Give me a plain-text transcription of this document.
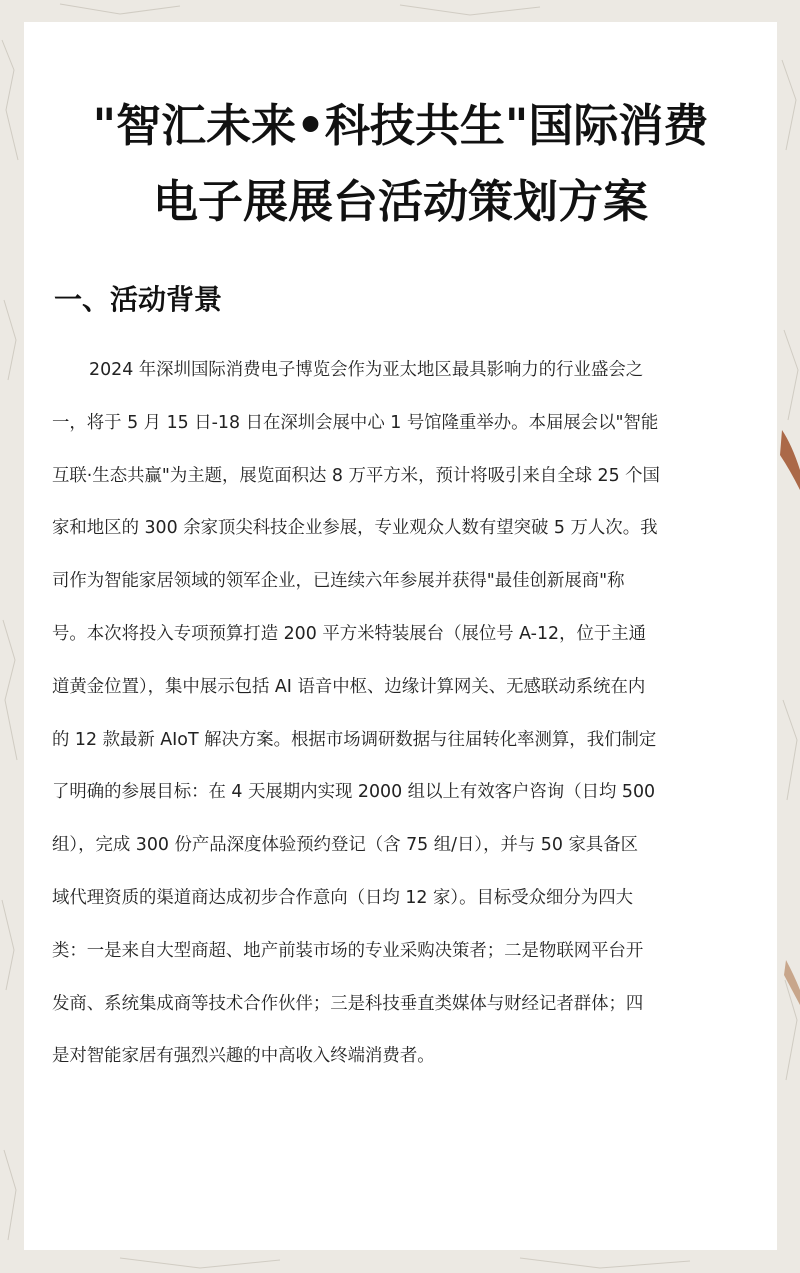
"智汇未来•科技共生"国际消费
电子展展台活动策划方案
一、活动背景
2024 年深圳国际消费电子博览会作为亚太地区最具影响力的行业盛会之
一，将于 5 月 15 日-18 日在深圳会展中心 1 号馆隆重举办。本届展会以"智能
互联·生态共赢"为主题，展览面积达 8 万平方米，预计将吸引来自全球 25 个国
家和地区的 300 余家顶尖科技企业参展，专业观众人数有望突破 5 万人次。我
司作为智能家居领域的领军企业，已连续六年参展并获得"最佳创新展商"称
号。本次将投入专项预算打造 200 平方米特装展台（展位号 A-12，位于主通
道黄金位置），集中展示包括 AI 语音中枢、边缘计算网关、无感联动系统在内
的 12 款最新 AIoT 解决方案。根据市场调研数据与往届转化率测算，我们制定
了明确的参展目标：在 4 天展期内实现 2000 组以上有效客户咨询（日均 500
组），完成 300 份产品深度体验预约登记（含 75 组/日），并与 50 家具备区
域代理资质的渠道商达成初步合作意向（日均 12 家）。目标受众细分为四大
类：一是来自大型商超、地产前装市场的专业采购决策者；二是物联网平台开
发商、系统集成商等技术合作伙伴；三是科技垂直类媒体与财经记者群体；四
是对智能家居有强烈兴趣的中高收入终端消费者。
